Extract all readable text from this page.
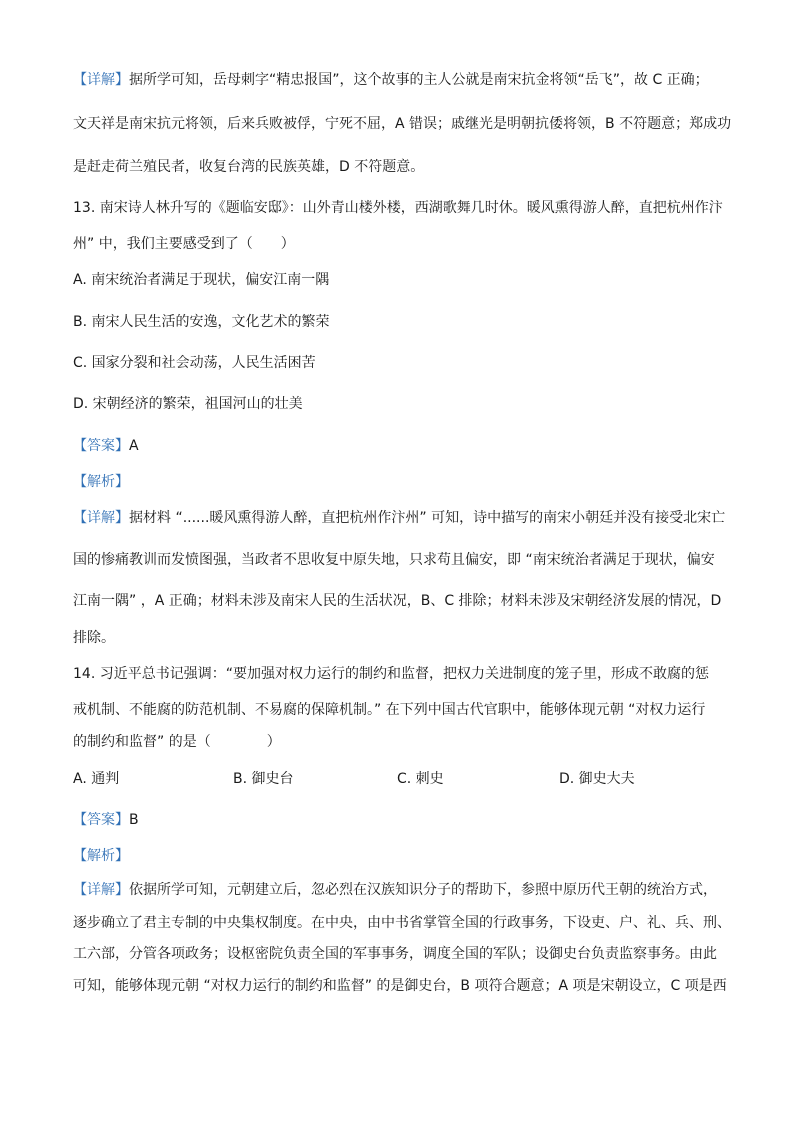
【详解】据所学可知，岳母刺字“精忠报国”，这个故事的主人公就是南宋抗金将领“岳飞”，故 C 正确；
文天祥是南宋抗元将领，后来兵败被俘，宁死不屈，A 错误；戚继光是明朝抗倭将领，B 不符题意；郑成功
是赶走荷兰殖民者，收复台湾的民族英雄，D 不符题意。
13. 南宋诗人林升写的《题临安邸》：山外青山楼外楼，西湖歌舞几时休。暖风熏得游人醉，直把杭州作汴
州” 中，我们主要感受到了（　　）
A. 南宋统治者满足于现状，偏安江南一隅
B. 南宋人民生活的安逸，文化艺术的繁荣
C. 国家分裂和社会动荡，人民生活困苦
D. 宋朝经济的繁荣，祖国河山的壮美
【答案】A
【解析】
【详解】据材料 “......暖风熏得游人醉，直把杭州作汴州” 可知，诗中描写的南宋小朝廷并没有接受北宋亡
国的惨痛教训而发愤图强，当政者不思收复中原失地，只求苟且偏安，即 “南宋统治者满足于现状，偏安
江南一隅” ，A 正确；材料未涉及南宋人民的生活状况，B、C 排除；材料未涉及宋朝经济发展的情况，D
排除。
14. 习近平总书记强调：“要加强对权力运行的制约和监督，把权力关进制度的笼子里，形成不敢腐的惩
戒机制、不能腐的防范机制、不易腐的保障机制。” 在下列中国古代官职中，能够体现元朝 “对权力运行
的制约和监督” 的是（　　　　）
A. 通判	B. 御史台	C. 刺史	D. 御史大夫
【答案】B
【解析】
【详解】依据所学可知，元朝建立后，忽必烈在汉族知识分子的帮助下，参照中原历代王朝的统治方式，
逐步确立了君主专制的中央集权制度。在中央，由中书省掌管全国的行政事务，下设吏、户、礼、兵、刑、
工六部，分管各项政务；设枢密院负责全国的军事事务，调度全国的军队；设御史台负责监察事务。由此
可知，能够体现元朝 “对权力运行的制约和监督” 的是御史台，B 项符合题意；A 项是宋朝设立，C 项是西
